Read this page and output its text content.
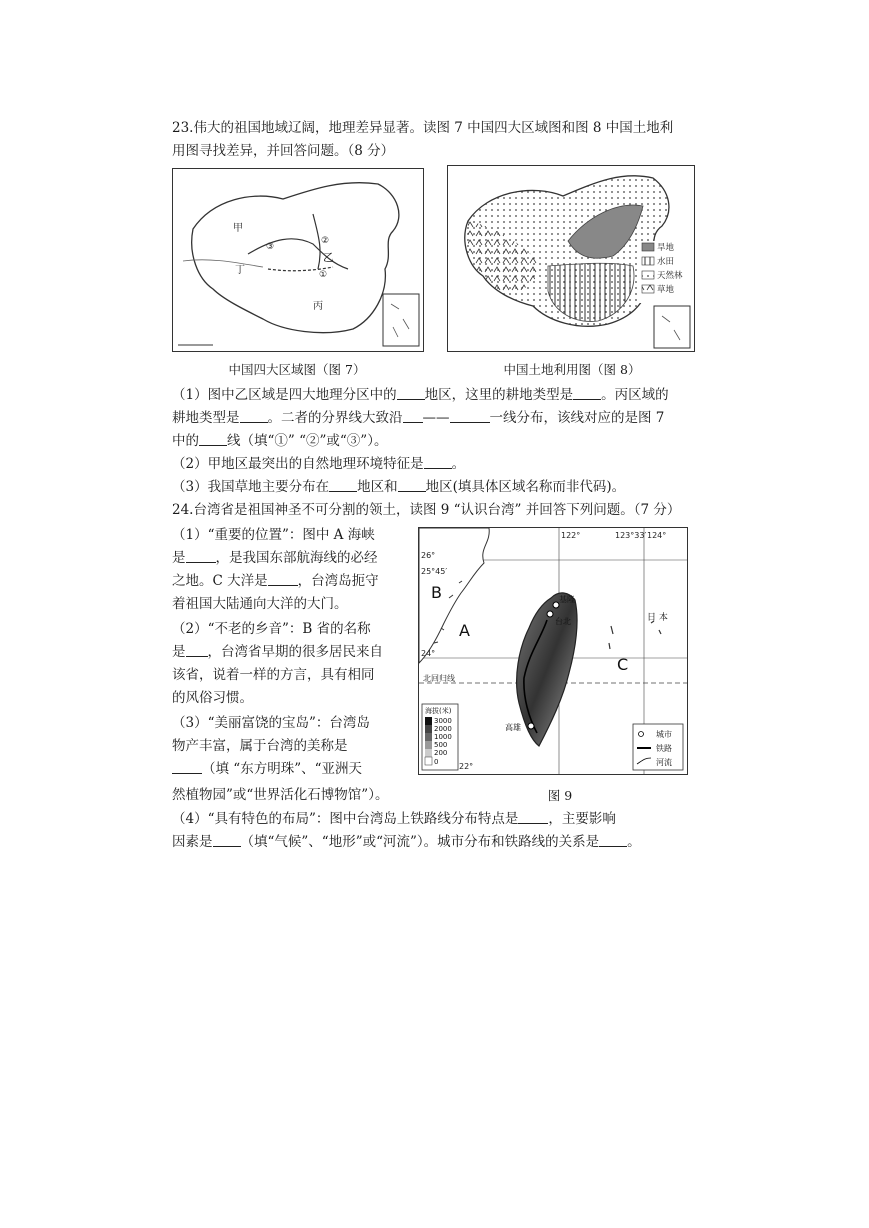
23.伟大的祖国地域辽阔，地理差异显著。读图 7 中国四大区域图和图 8 中国土地利
用图寻找差异，并回答问题。（8 分）
甲
乙
丙
丁	①
②
③	旱地
水田
天然林
草地
中国四大区域图（图 7）	中国土地利用图（图 8）
（1）图中乙区域是四大地理分区中的 地区，这里的耕地类型是 。丙区域的
耕地类型是 。二者的分界线大致沿 ——	一线分布，该线对应的是图 7
中的 线（填“①” “②”或“③”）。
（2）甲地区最突出的自然地理环境特征是 。
（3）我国草地主要分布在 地区和 地区(填具体区域名称而非代码)。
24.台湾省是祖国神圣不可分割的领土，读图 9 “认识台湾” 并回答下列问题。（7 分）
（1）“重要的位置”：图中 A 海峡
是 ，是我国东部航海线的必经
之地。C 大洋是 ，台湾岛扼守
着祖国大陆通向大洋的大门。
（2）“不老的乡音”：B 省的名称
是 ，台湾省早期的很多居民来自
该省，说着一样的方言，具有相同
的风俗习惯。
（3）“美丽富饶的宝岛”：台湾岛
物产丰富，属于台湾的美称是
（填 “东方明珠”、“亚洲天
然植物园”或“世界活化石博物馆”）。
B
A
C
122°	123°33′ 124°
26°
25°45′
24°
22°
北回归线
基隆
台北
高雄
日 本
海拔(米)
3000
2000
1000
500
200
0
城市
铁路
河流
图 9
（4）“具有特色的布局”：图中台湾岛上铁路线分布特点是 ，主要影响
因素是 （填“气候”、“地形”或“河流”）。城市分布和铁路线的关系是 。
